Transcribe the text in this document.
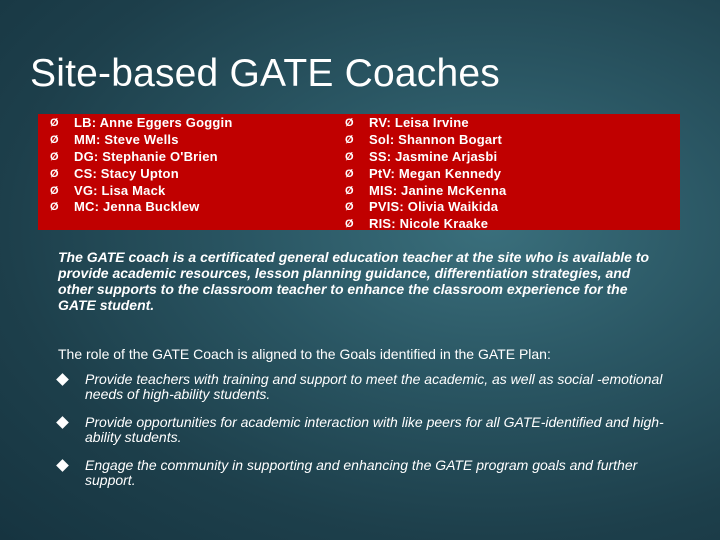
Site-based GATE Coaches
Ø	LB: Anne Eggers Goggin
Ø	MM: Steve Wells
Ø	DG: Stephanie O'Brien
Ø	CS: Stacy Upton
Ø	VG: Lisa Mack
Ø	MC: Jenna Bucklew
Ø	RV: Leisa Irvine
Ø	Sol: Shannon Bogart
Ø	SS: Jasmine Arjasbi
Ø	PtV: Megan Kennedy
Ø	MIS: Janine McKenna
Ø	PVIS: Olivia Waikida
Ø	RIS: Nicole Kraake

The GATE coach is a certificated general education teacher at the site who is available to provide academic resources, lesson planning guidance, differentiation strategies, and other supports to the classroom teacher to enhance the classroom experience for the GATE student.

The role of the GATE Coach is aligned to the Goals identified in the GATE Plan:

Provide teachers with training and support to meet the academic, as well as social -emotional needs of high-ability students.
Provide opportunities for academic interaction with like peers for all GATE-identified and high-ability students.
Engage the community in supporting and enhancing the GATE program goals and further support.
